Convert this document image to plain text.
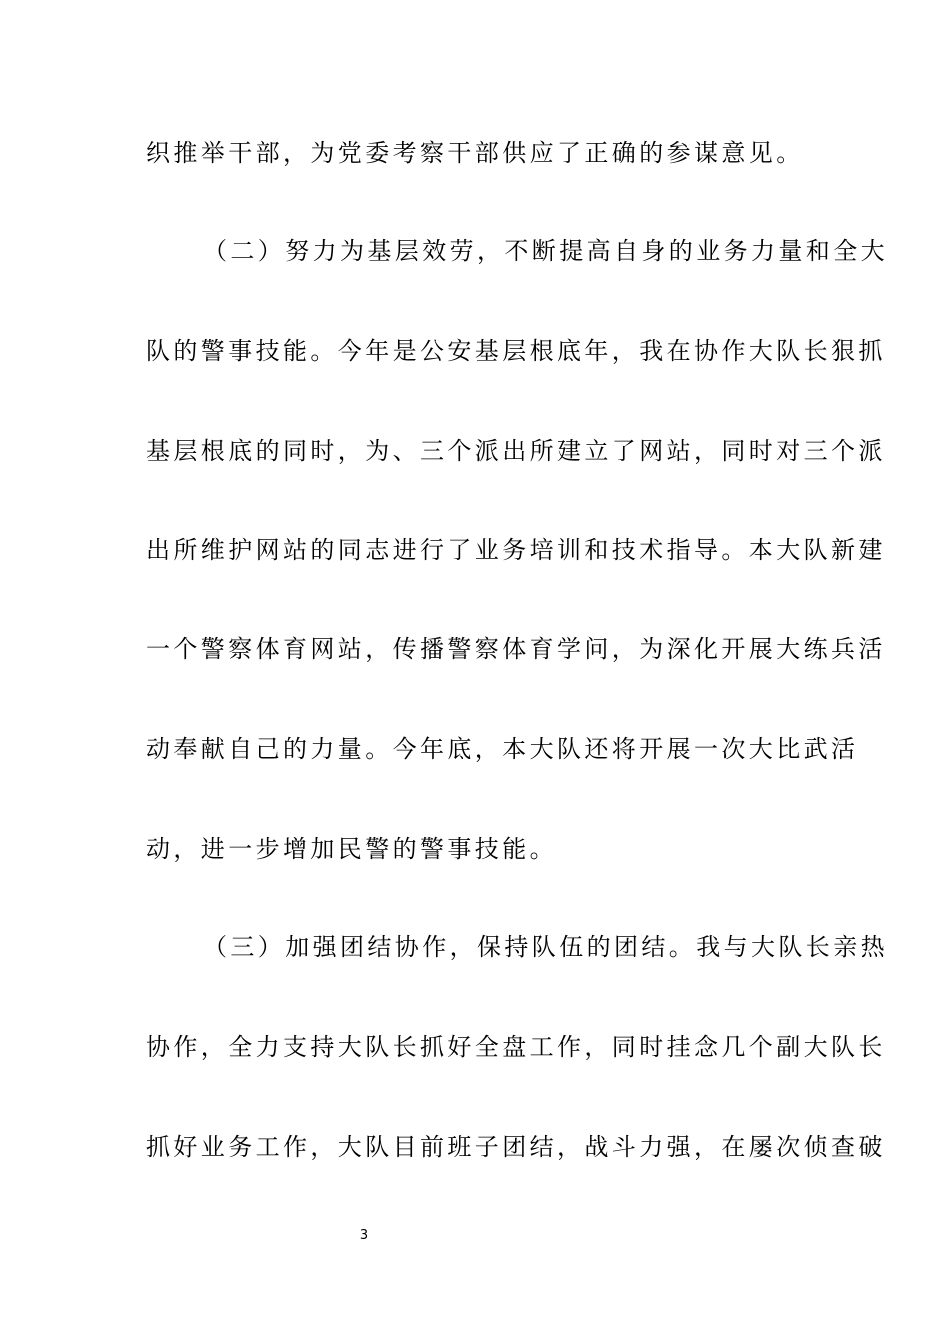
织推举干部，为党委考察干部供应了正确的参谋意见。
（二）努力为基层效劳，不断提高自身的业务力量和全大
队的警事技能。今年是公安基层根底年，我在协作大队长狠抓
基层根底的同时，为、三个派出所建立了网站，同时对三个派
出所维护网站的同志进行了业务培训和技术指导。本大队新建
一个警察体育网站，传播警察体育学问，为深化开展大练兵活
动奉献自己的力量。今年底，本大队还将开展一次大比武活
动，进一步增加民警的警事技能。
（三）加强团结协作，保持队伍的团结。我与大队长亲热
协作，全力支持大队长抓好全盘工作，同时挂念几个副大队长
抓好业务工作，大队目前班子团结，战斗力强，在屡次侦查破
3
